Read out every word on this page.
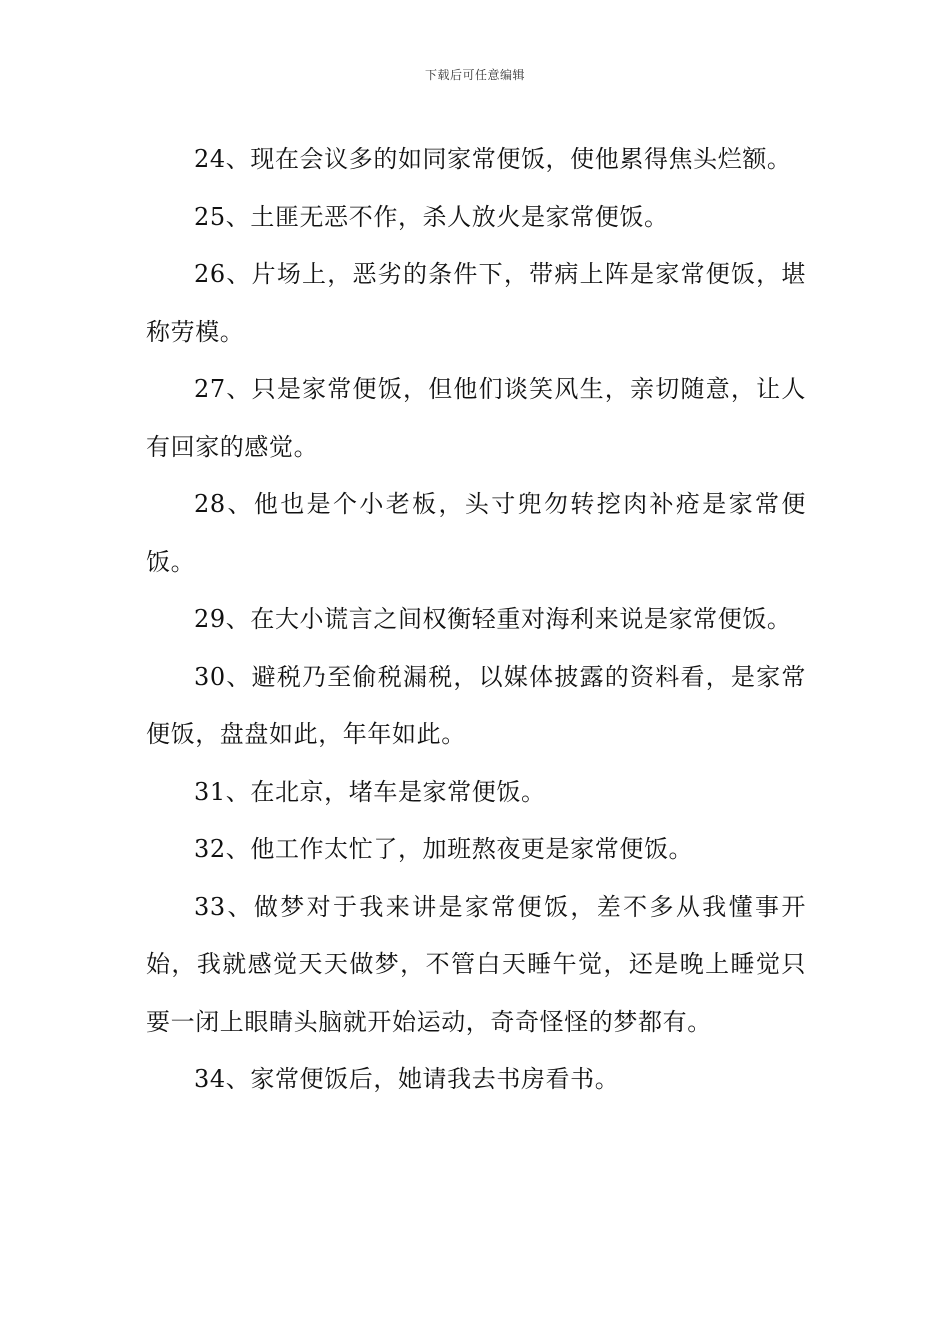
下载后可任意编辑

24、现在会议多的如同家常便饭，使他累得焦头烂额。

25、土匪无恶不作，杀人放火是家常便饭。

26、片场上，恶劣的条件下，带病上阵是家常便饭，堪称劳模。

27、只是家常便饭，但他们谈笑风生，亲切随意，让人有回家的感觉。

28、他也是个小老板，头寸兜勿转挖肉补疮是家常便饭。

29、在大小谎言之间权衡轻重对海利来说是家常便饭。

30、避税乃至偷税漏税，以媒体披露的资料看，是家常便饭，盘盘如此，年年如此。

31、在北京，堵车是家常便饭。

32、他工作太忙了，加班熬夜更是家常便饭。

33、做梦对于我来讲是家常便饭，差不多从我懂事开始，我就感觉天天做梦，不管白天睡午觉，还是晚上睡觉只要一闭上眼睛头脑就开始运动，奇奇怪怪的梦都有。

34、家常便饭后，她请我去书房看书。
